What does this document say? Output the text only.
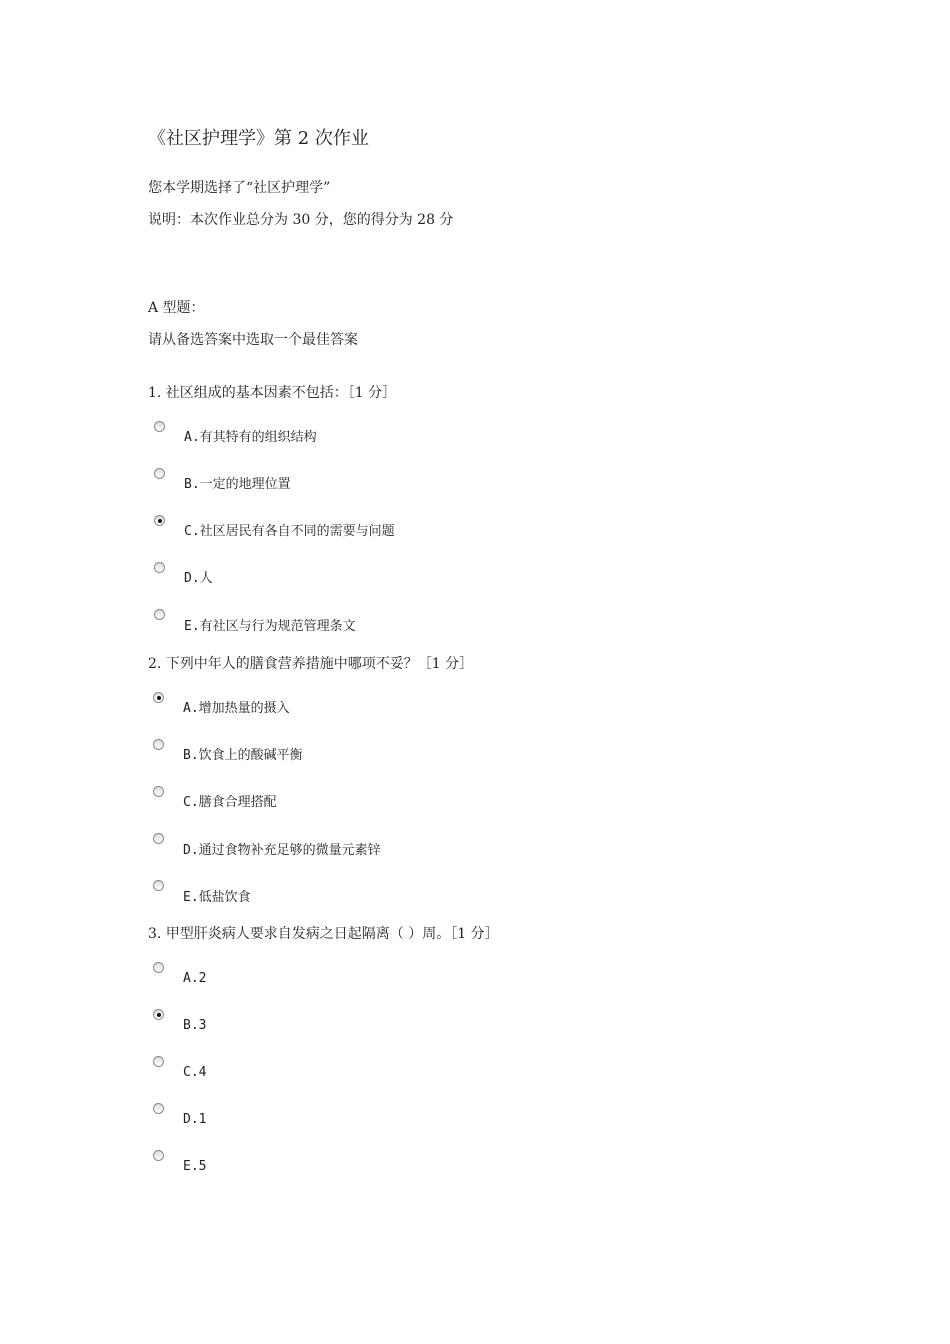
《社区护理学》第 2 次作业
您本学期选择了“社区护理学”
说明：本次作业总分为 30 分，您的得分为 28 分
A 型题：
请从备选答案中选取一个最佳答案
1. 社区组成的基本因素不包括：［1 分］
A.有其特有的组织结构
B.一定的地理位置
C.社区居民有各自不同的需要与问题
D.人
E.有社区与行为规范管理条文
2. 下列中年人的膳食营养措施中哪项不妥？［1 分］
A.增加热量的摄入
B.饮食上的酸碱平衡
C.膳食合理搭配
D.通过食物补充足够的微量元素锌
E.低盐饮食
3. 甲型肝炎病人要求自发病之日起隔离（ ）周。［1 分］
A.2
B.3
C.4
D.1
E.5
